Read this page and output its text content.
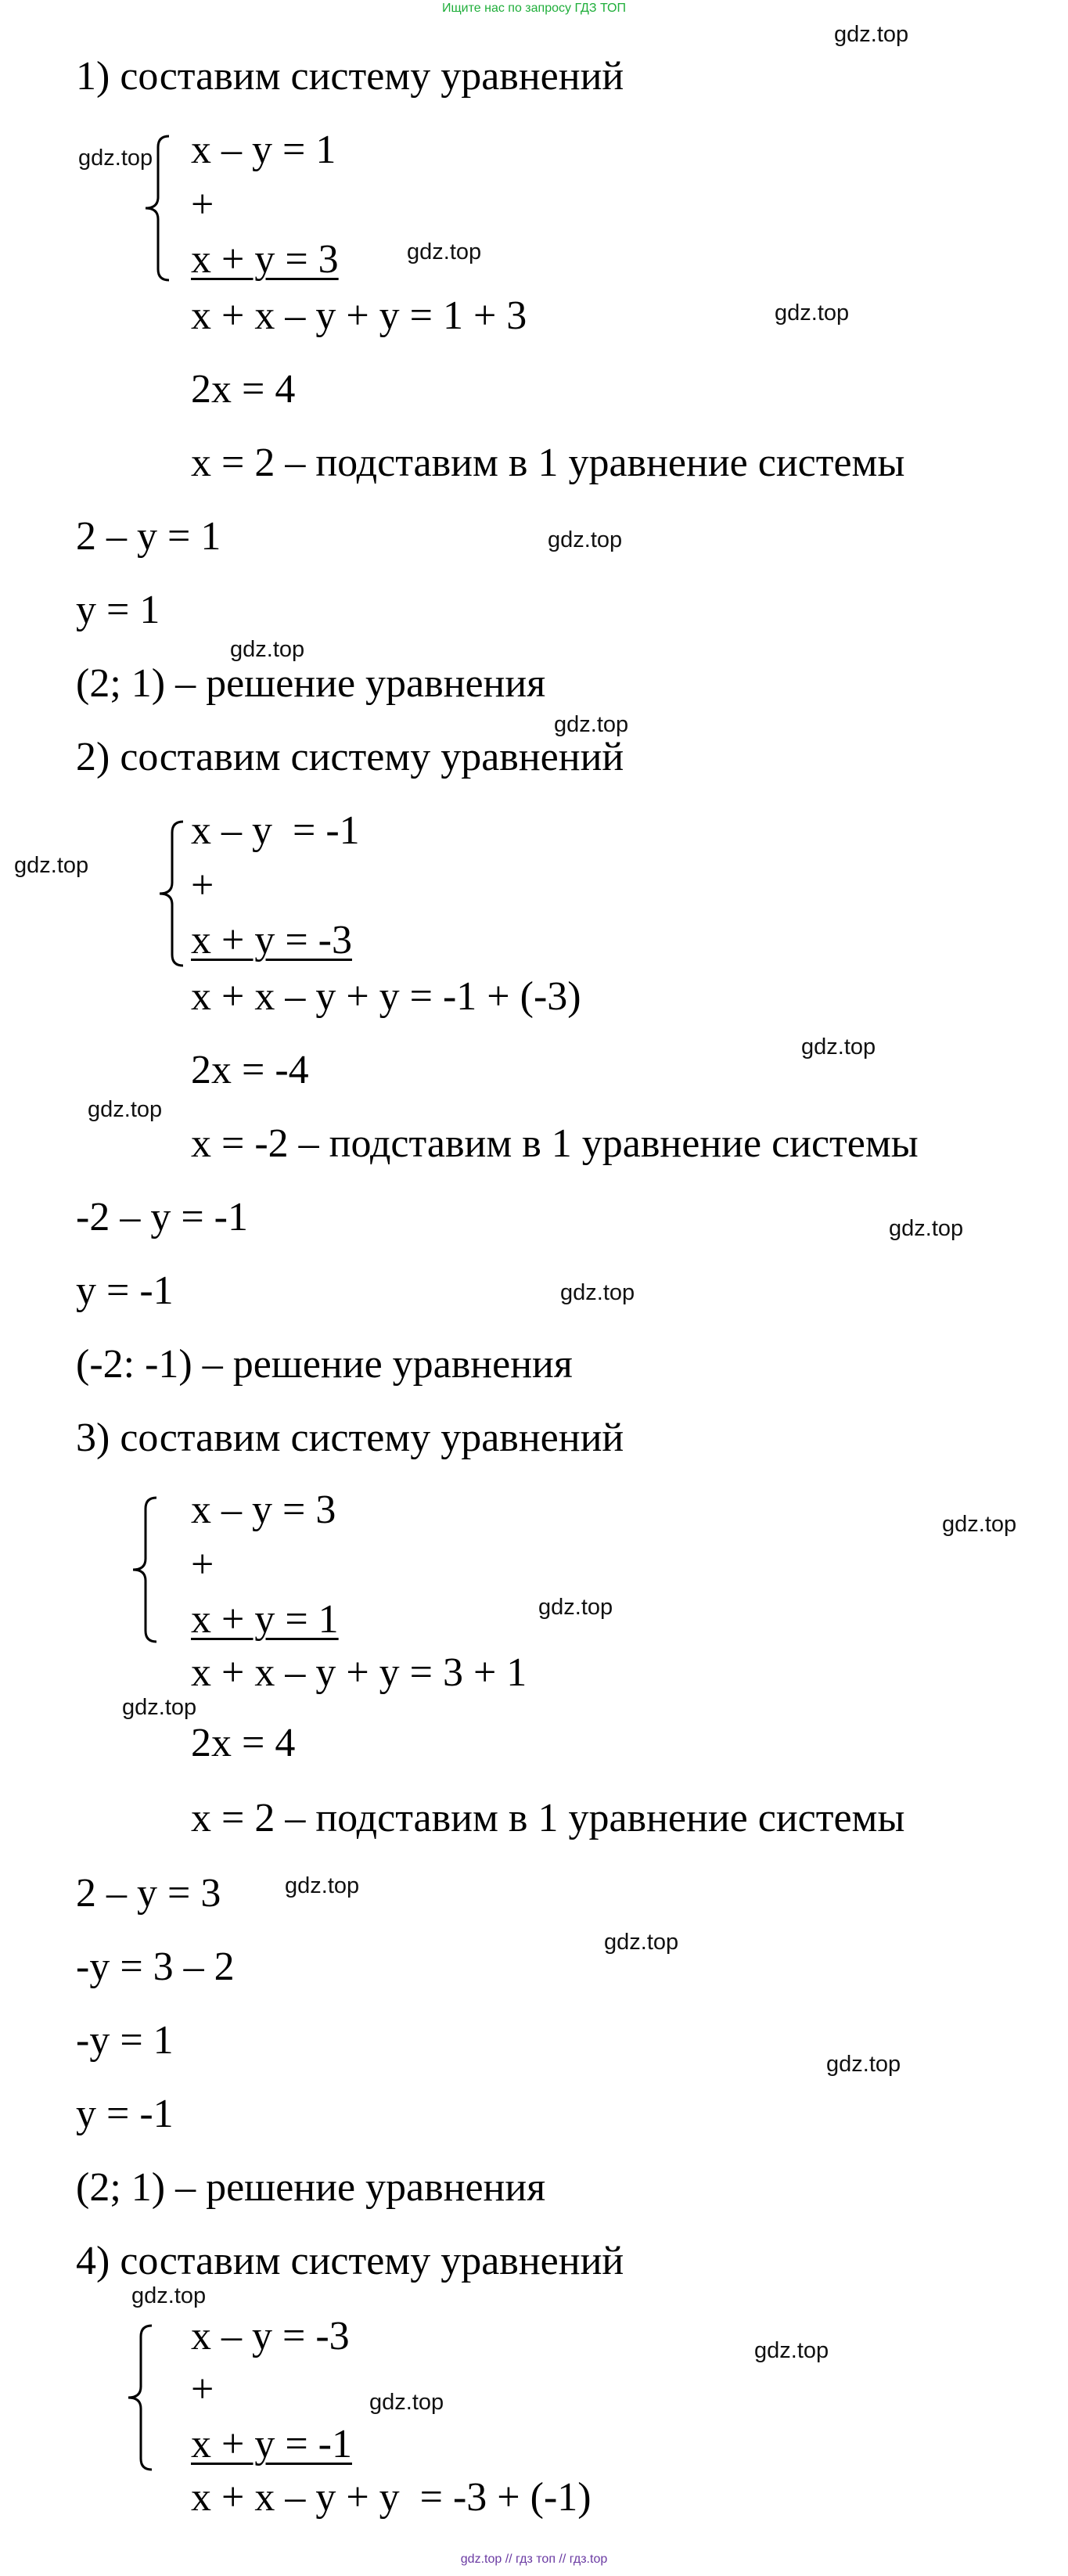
Ищите нас по запросу ГДЗ ТОП
1) составим систему уравнений
x – y = 1
+
x + y = 3
x + x – y + y = 1 + 3
2x = 4
x = 2 – подставим в 1 уравнение системы
2 – y = 1
y = 1
(2; 1) – решение уравнения
2) составим систему уравнений
x – y  = -1
+
x + y = -3
x + x – y + y = -1 + (-3)
2x = -4
x = -2 – подставим в 1 уравнение системы
-2 – y = -1
y = -1
(-2: -1) – решение уравнения
3) составим систему уравнений
x – y = 3
+
x + y = 1
x + x – y + y = 3 + 1
2x = 4
x = 2 – подставим в 1 уравнение системы
2 – y = 3
-y = 3 – 2
-y = 1
y = -1
(2; 1) – решение уравнения
4) составим систему уравнений
x – y = -3
+
x + y = -1
x + x – y + y  = -3 + (-1)
gdz.top
gdz.top
gdz.top
gdz.top
gdz.top
gdz.top
gdz.top
gdz.top
gdz.top
gdz.top
gdz.top
gdz.top
gdz.top
gdz.top
gdz.top
gdz.top
gdz.top
gdz.top
gdz.top
gdz.top
gdz.top
gdz.top // гдз топ // гдз.top
